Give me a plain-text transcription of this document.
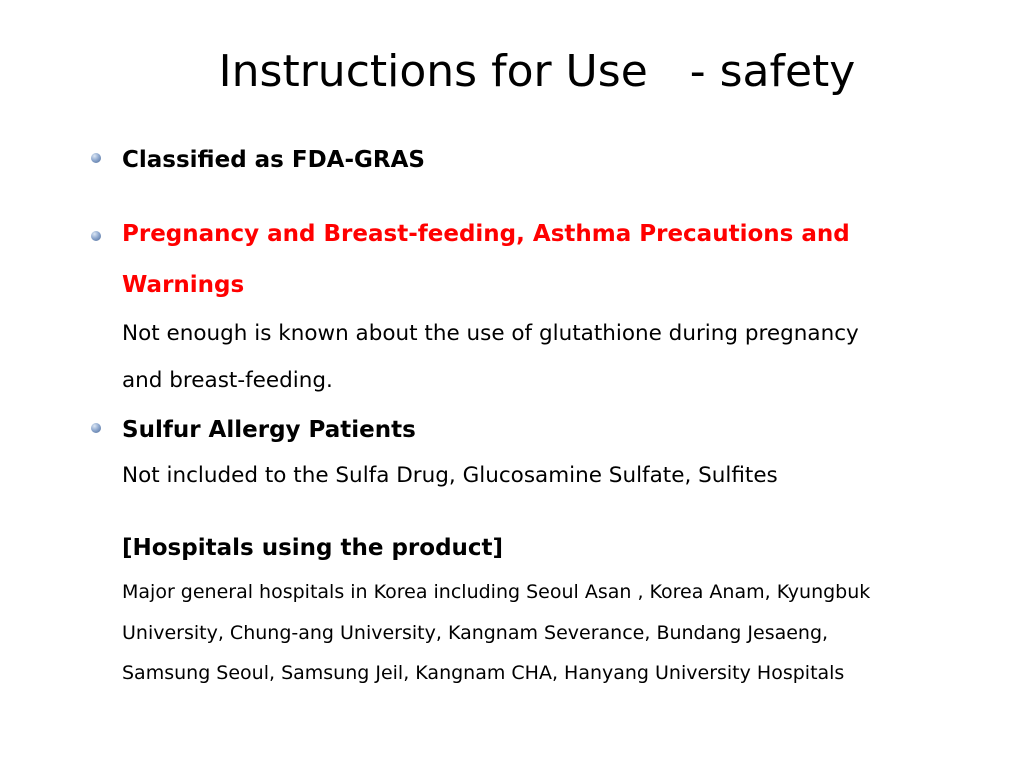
Instructions for Use   - safety

Classified as FDA-GRAS

Pregnancy and Breast-feeding, Asthma Precautions and

Warnings

Not enough is known about the use of glutathione during pregnancy

and breast-feeding.

Sulfur Allergy Patients

Not included to the Sulfa Drug, Glucosamine Sulfate, Sulfites

[Hospitals using the product]

Major general hospitals in Korea including Seoul Asan , Korea Anam, Kyungbuk

University, Chung-ang University, Kangnam Severance, Bundang Jesaeng,

Samsung Seoul, Samsung Jeil, Kangnam CHA, Hanyang University Hospitals
